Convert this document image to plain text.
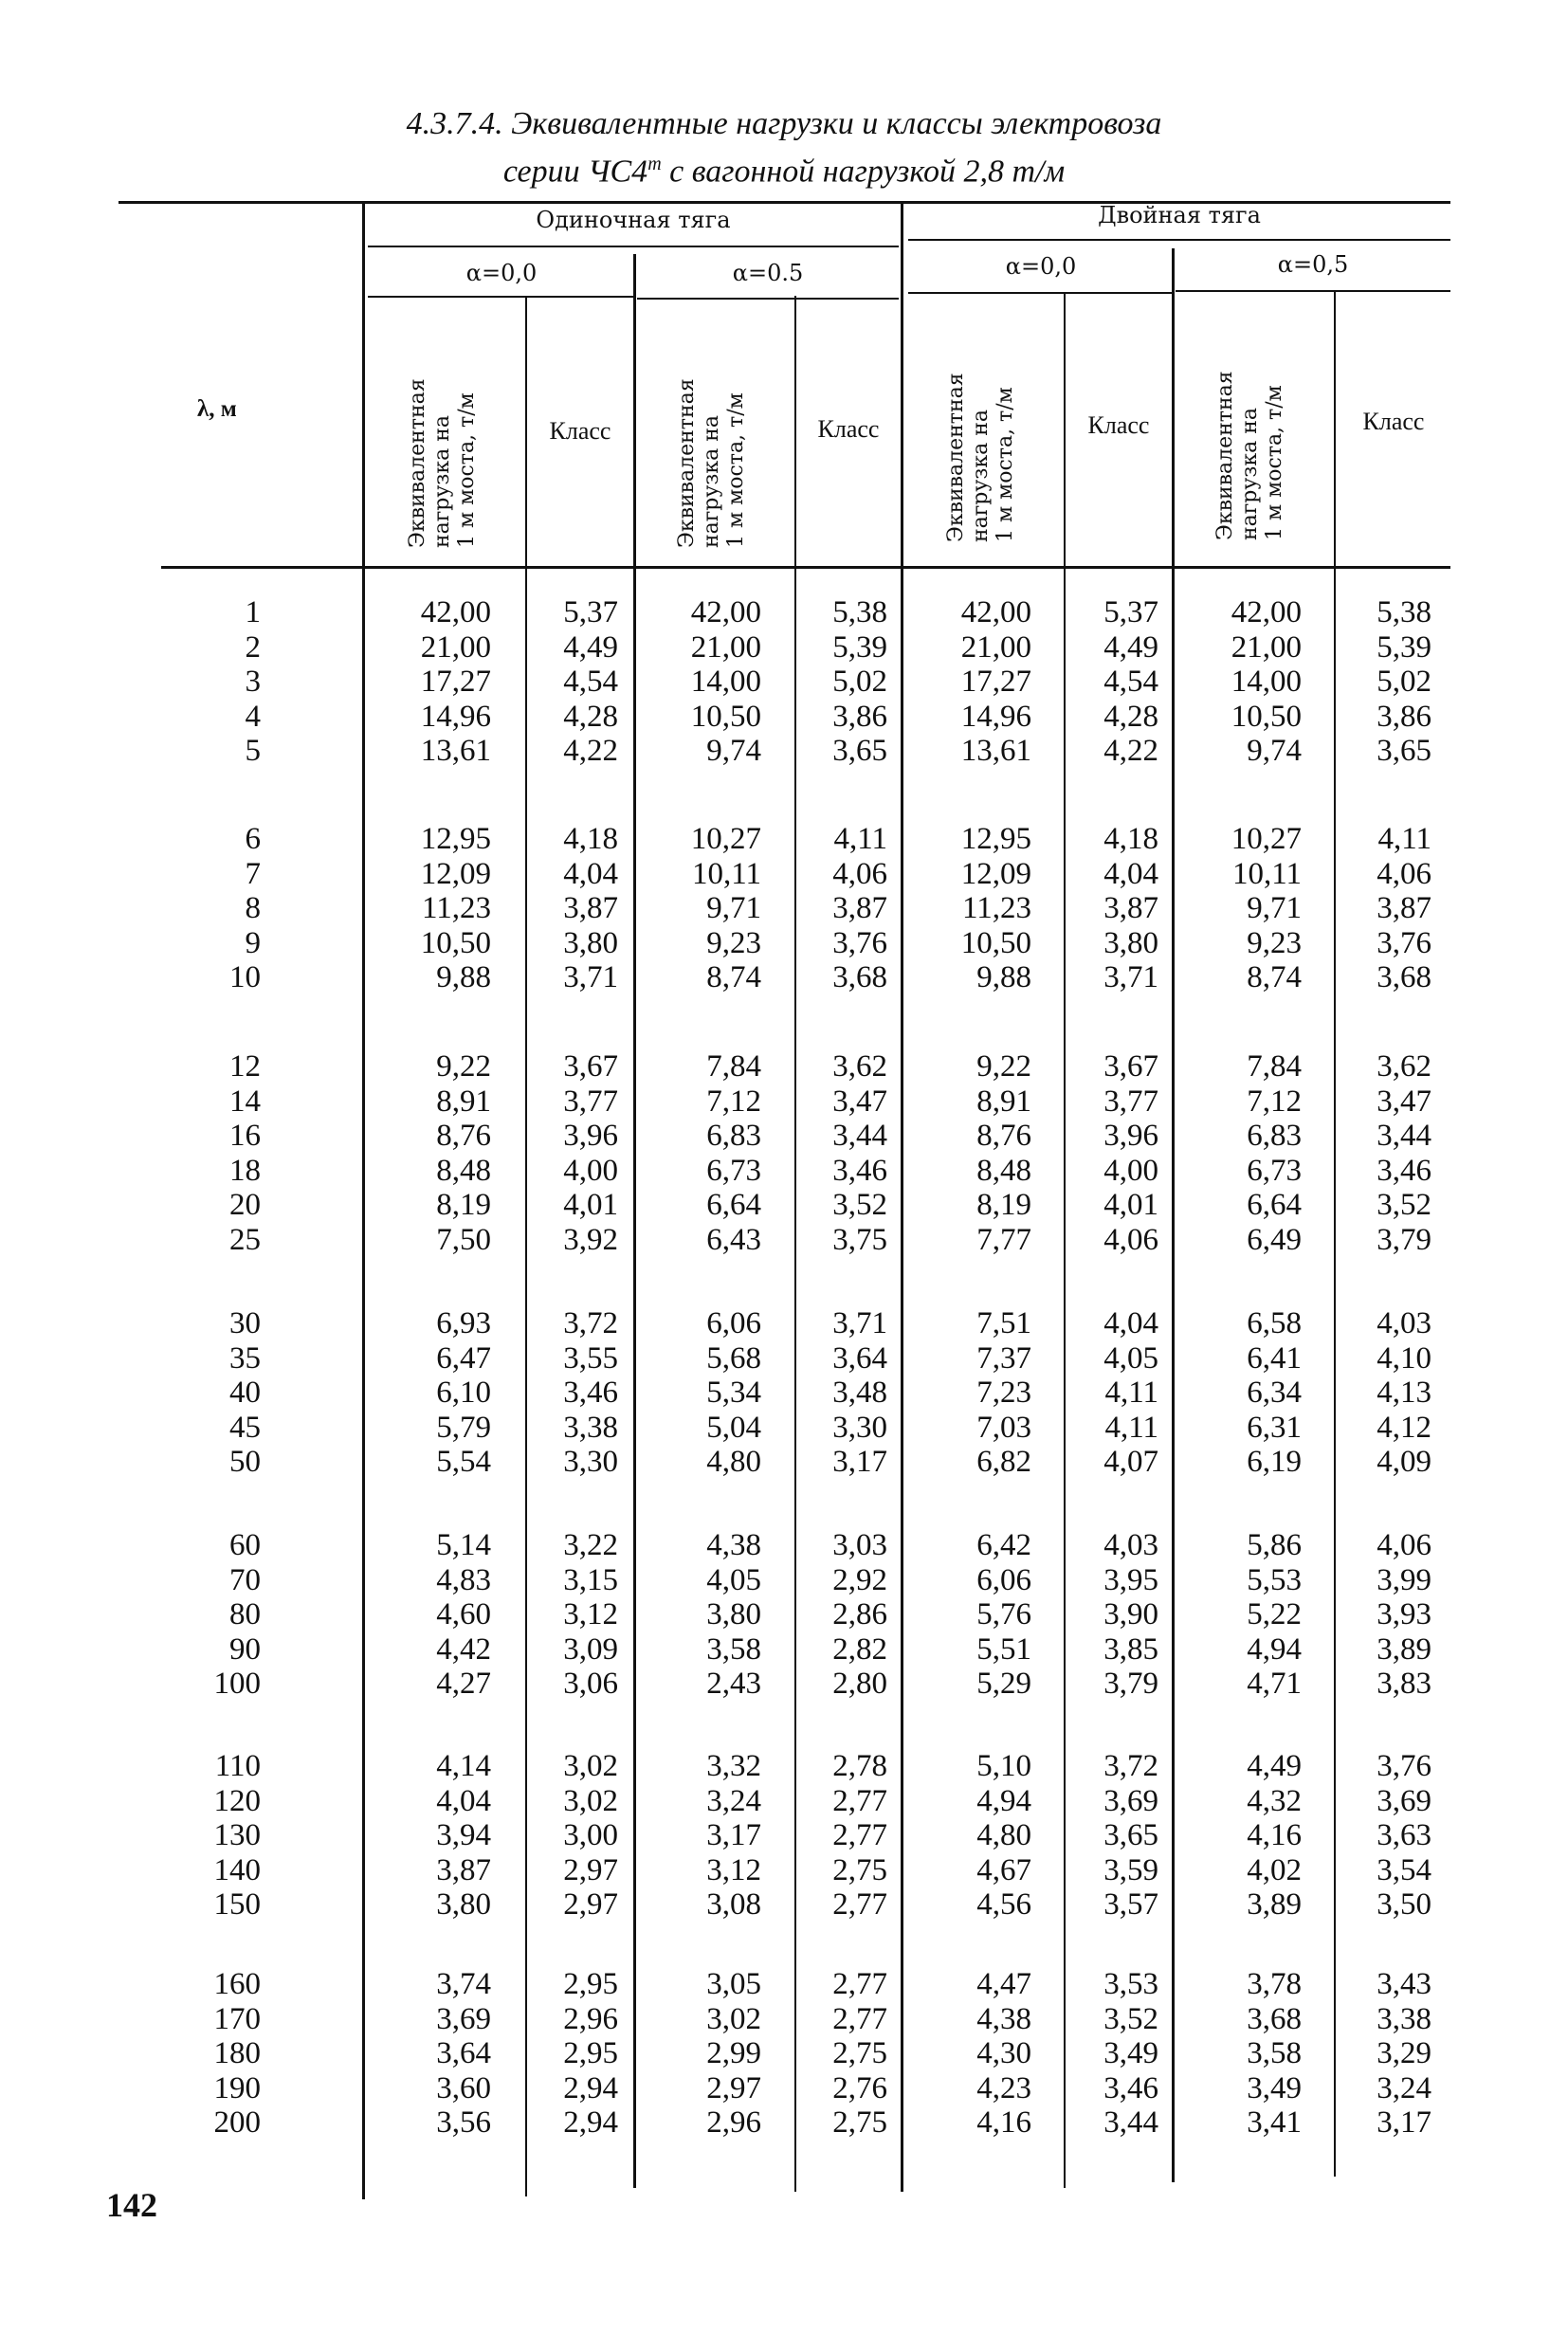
4.3.7.4. Эквивалентные нагрузки и классы электровоза
серии $ЧС4^т$ с вагонной нагрузкой 2,8 т/м
Одиночная тяга	Двойная тяга
α=0,0	α=0.5	α=0,0	α=0,5
λ, м	Эквивалентная нагрузка на 1 м моста, т/м	Класс	Эквивалентная нагрузка на 1 м моста, т/м	Класс	Эквивалентная нагрузка на 1 м моста, т/м	Класс	Эквивалентная нагрузка на 1 м моста, т/м	Класс
1	42,00	5,37	42,00	5,38	42,00	5,37	42,00	5,38
2	21,00	4,49	21,00	5,39	21,00	4,49	21,00	5,39
3	17,27	4,54	14,00	5,02	17,27	4,54	14,00	5,02
4	14,96	4,28	10,50	3,86	14,96	4,28	10,50	3,86
5	13,61	4,22	9,74	3,65	13,61	4,22	9,74	3,65
6	12,95	4,18	10,27	4,11	12,95	4,18	10,27	4,11
7	12,09	4,04	10,11	4,06	12,09	4,04	10,11	4,06
8	11,23	3,87	9,71	3,87	11,23	3,87	9,71	3,87
9	10,50	3,80	9,23	3,76	10,50	3,80	9,23	3,76
10	9,88	3,71	8,74	3,68	9,88	3,71	8,74	3,68
12	9,22	3,67	7,84	3,62	9,22	3,67	7,84	3,62
14	8,91	3,77	7,12	3,47	8,91	3,77	7,12	3,47
16	8,76	3,96	6,83	3,44	8,76	3,96	6,83	3,44
18	8,48	4,00	6,73	3,46	8,48	4,00	6,73	3,46
20	8,19	4,01	6,64	3,52	8,19	4,01	6,64	3,52
25	7,50	3,92	6,43	3,75	7,77	4,06	6,49	3,79
30	6,93	3,72	6,06	3,71	7,51	4,04	6,58	4,03
35	6,47	3,55	5,68	3,64	7,37	4,05	6,41	4,10
40	6,10	3,46	5,34	3,48	7,23	4,11	6,34	4,13
45	5,79	3,38	5,04	3,30	7,03	4,11	6,31	4,12
50	5,54	3,30	4,80	3,17	6,82	4,07	6,19	4,09
60	5,14	3,22	4,38	3,03	6,42	4,03	5,86	4,06
70	4,83	3,15	4,05	2,92	6,06	3,95	5,53	3,99
80	4,60	3,12	3,80	2,86	5,76	3,90	5,22	3,93
90	4,42	3,09	3,58	2,82	5,51	3,85	4,94	3,89
100	4,27	3,06	2,43	2,80	5,29	3,79	4,71	3,83
110	4,14	3,02	3,32	2,78	5,10	3,72	4,49	3,76
120	4,04	3,02	3,24	2,77	4,94	3,69	4,32	3,69
130	3,94	3,00	3,17	2,77	4,80	3,65	4,16	3,63
140	3,87	2,97	3,12	2,75	4,67	3,59	4,02	3,54
150	3,80	2,97	3,08	2,77	4,56	3,57	3,89	3,50
160	3,74	2,95	3,05	2,77	4,47	3,53	3,78	3,43
170	3,69	2,96	3,02	2,77	4,38	3,52	3,68	3,38
180	3,64	2,95	2,99	2,75	4,30	3,49	3,58	3,29
190	3,60	2,94	2,97	2,76	4,23	3,46	3,49	3,24
200	3,56	2,94	2,96	2,75	4,16	3,44	3,41	3,17
142
